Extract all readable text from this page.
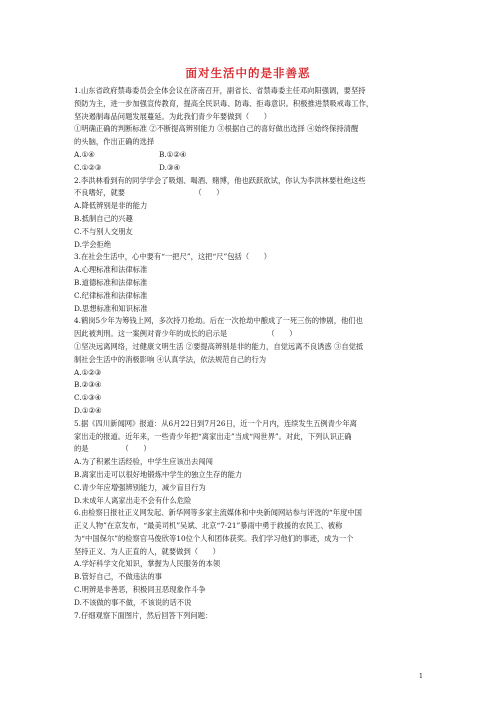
面对生活中的是非善恶
1.山东省政府禁毒委员会全体会议在济南召开，副省长、省禁毒委主任邓向阳强调，要坚持
预防为主，进一步加强宣传教育，提高全民识毒、防毒、拒毒意识。积极推进禁吸戒毒工作，
坚决遏制毒品问题发展蔓延。为此我们青少年要做到（　　）
①明确正确的判断标准 ②不断提高辨别能力 ③根据自己的喜好做出选择 ④始终保持清醒
的头脑，作出正确的选择
A.①④	B.①②④
C.①②③	D.③④
2.李洪林看到有的同学学会了吸烟、喝酒、赌博，他也跃跃欲试，你认为李洪林要杜绝这些
不良嗜好，就要　　　　　　　　　　（　　）
A.降低辨别是非的能力
B.抵制自己的兴趣
C.不与别人交朋友
D.学会拒绝
3.在社会生活中，心中要有“一把尺”，这把“尺”包括（　　）
A.心理标准和法律标准
B.道德标准和法律标准
C.纪律标准和法律标准
D.思想标准和知识标准
4.鹤岗5少年为筹钱上网，多次持刀抢劫。后在一次抢劫中酿成了一死三伤的惨剧，他们也
因此被判刑。这一案例对青少年的成长的启示是　　　　　　（　　）
①坚决远离网络，过健康文明生活 ②要提高辨别是非的能力，自觉远离不良诱惑 ③自觉抵
制社会生活中的消极影响 ④认真学法，依法规范自己的行为
A.①②③
B.②③④
C.①③④
D.①②④
5.据《四川新闻网》报道：从6月22日到7月26日，近一个月内，连续发生五例青少年离
家出走的报道。近年来，一些青少年把“离家出走”当成“闯世界”。对此，下列认识正确
的是　　　　　（　　）
A.为了积累生活经验，中学生应该出去闯闯
B.离家出走可以很好地锻炼中学生的独立生存的能力
C.青少年应增强辨别能力，减少盲目行为
D.未成年人离家出走不会有什么危险
6.由检察日报社正义网发起、新华网等多家主流媒体和中央新闻网站参与评选的“年度中国
正义人物”在京发布，“最美司机”吴斌、北京“7·21”暴雨中勇于救援的农民工、被称
为“中国保尔”的检察官马俊欣等10位个人和团体获奖。我们学习他们的事迹，成为一个
坚持正义、为人正直的人，就要做到（　　）
A.学好科学文化知识，掌握为人民服务的本领
B.管好自己，不做违法的事
C.明辨是非善恶，积极同丑恶现象作斗争
D.不该做的事不做，不该说的话不说
7.仔细观察下面图片，然后回答下列问题：
1
